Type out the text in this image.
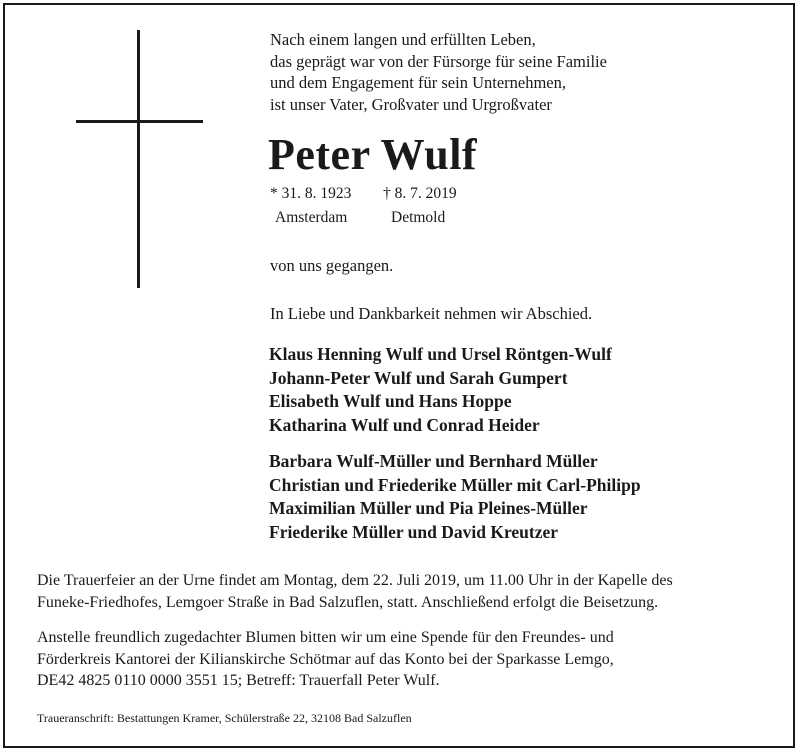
Nach einem langen und erfüllten Leben,
das geprägt war von der Fürsorge für seine Familie
und dem Engagement für sein Unternehmen,
ist unser Vater, Großvater und Urgroßvater
Peter Wulf
* 31. 8. 1923 † 8. 7. 2019
Amsterdam	Detmold
von uns gegangen.
In Liebe und Dankbarkeit nehmen wir Abschied.
Klaus Henning Wulf und Ursel Röntgen-Wulf
Johann-Peter Wulf und Sarah Gumpert
Elisabeth Wulf und Hans Hoppe
Katharina Wulf und Conrad Heider
Barbara Wulf-Müller und Bernhard Müller
Christian und Friederike Müller mit Carl-Philipp
Maximilian Müller und Pia Pleines-Müller
Friederike Müller und David Kreutzer
Die Trauerfeier an der Urne findet am Montag, dem 22. Juli 2019, um 11.00 Uhr in der Kapelle des
Funeke-Friedhofes, Lemgoer Straße in Bad Salzuflen, statt. Anschließend erfolgt die Beisetzung.
Anstelle freundlich zugedachter Blumen bitten wir um eine Spende für den Freundes- und
Förderkreis Kantorei der Kilianskirche Schötmar auf das Konto bei der Sparkasse Lemgo,
DE42 4825 0110 0000 3551 15; Betreff: Trauerfall Peter Wulf.
Traueranschrift: Bestattungen Kramer, Schülerstraße 22, 32108 Bad Salzuflen
